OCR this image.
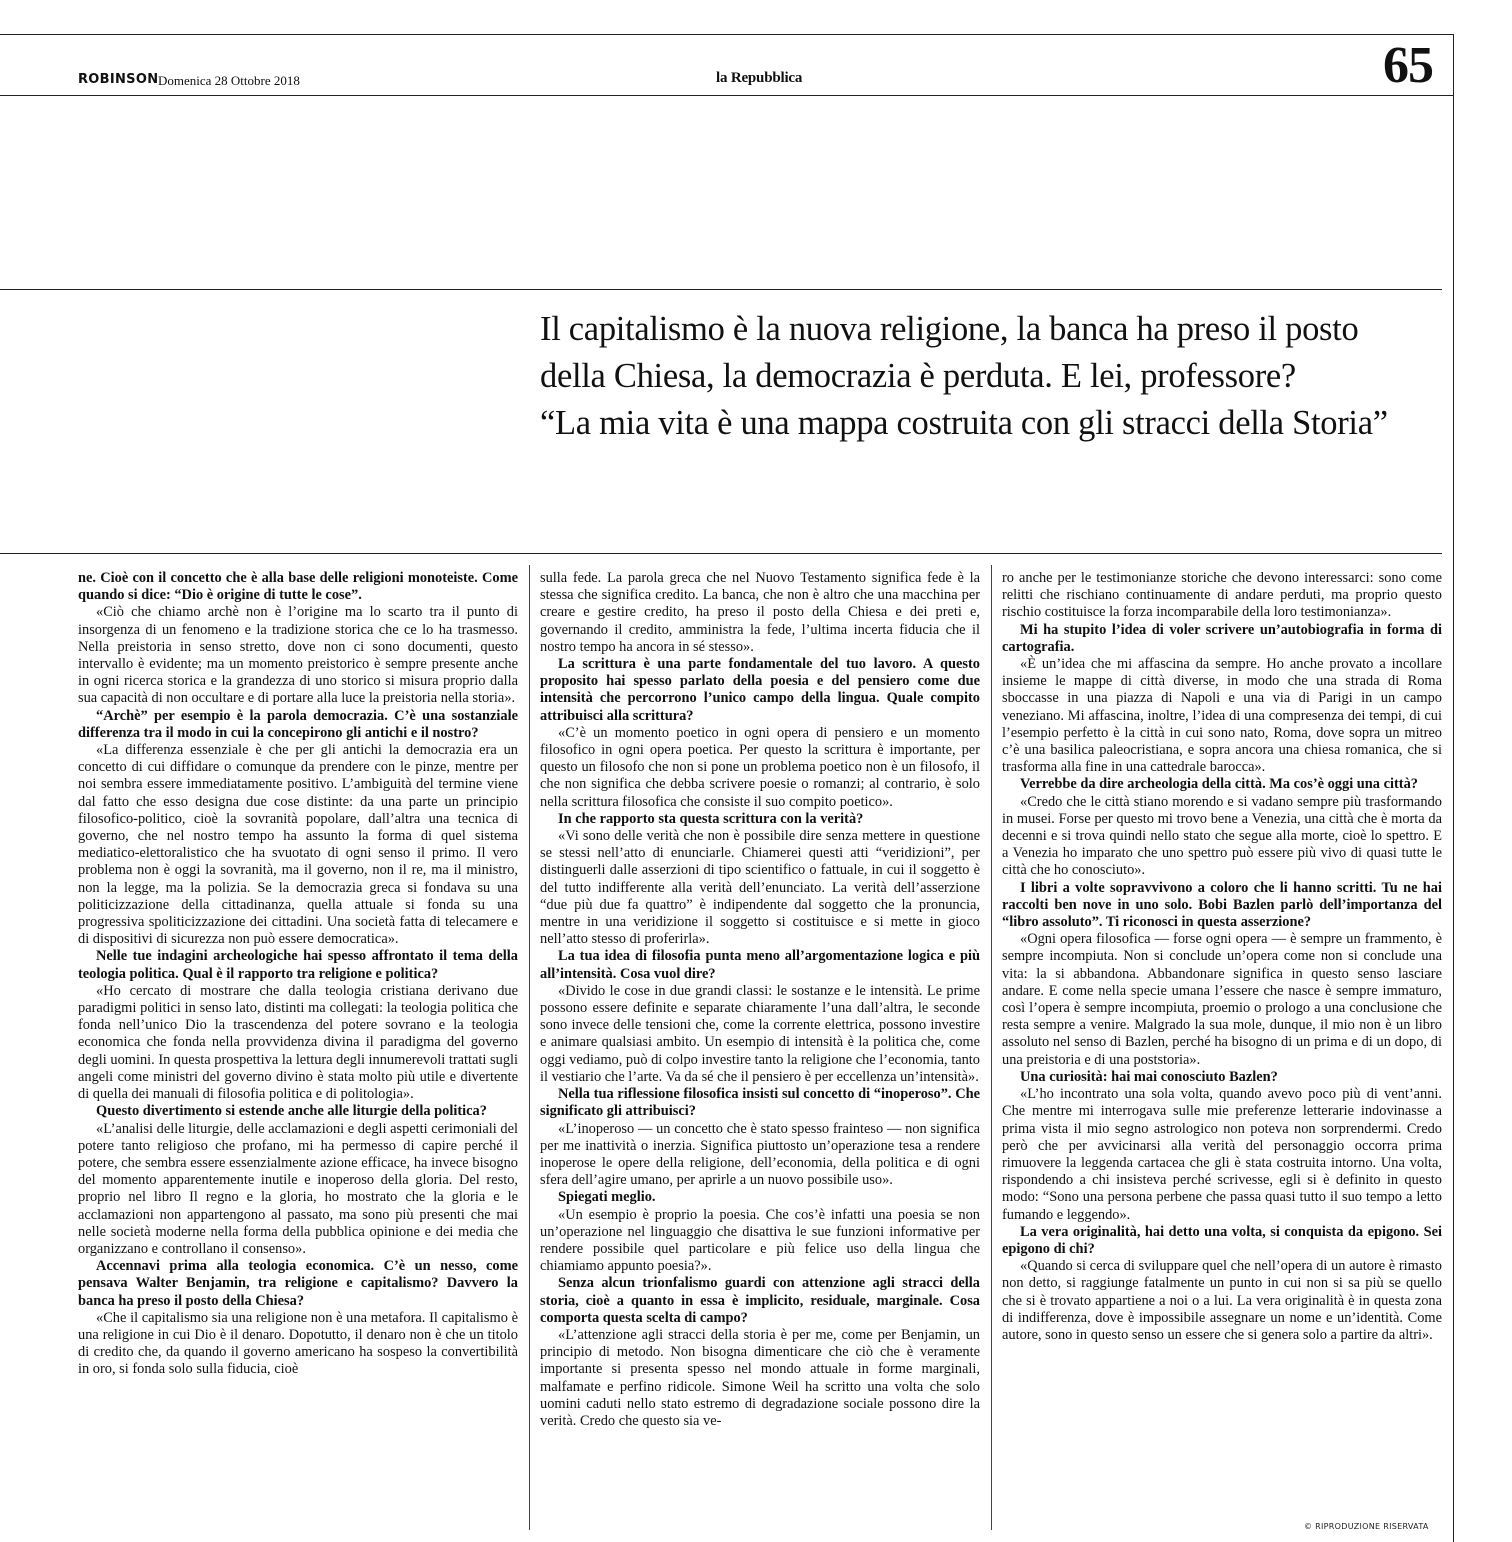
ROBINSON Domenica 28 Ottobre 2018	la Repubblica	65
Il capitalismo è la nuova religione, la banca ha preso il posto
della Chiesa, la democrazia è perduta. E lei, professore?
“La mia vita è una mappa costruita con gli stracci della Storia”

ne. Cioè con il concetto che è alla base delle religioni monoteiste. Come quando si dice: “Dio è origine di tutte le cose”.

«Ciò che chiamo archè non è l’origine ma lo scarto tra il punto di insorgenza di un fenomeno e la tradizione storica che ce lo ha trasmesso. Nella preistoria in senso stretto, dove non ci sono documenti, questo intervallo è evidente; ma un momento preistorico è sempre presente anche in ogni ricerca storica e la grandezza di uno storico si misura proprio dalla sua capacità di non occultare e di portare alla luce la preistoria nella storia».

“Archè” per esempio è la parola democrazia. C’è una sostanziale differenza tra il modo in cui la concepirono gli antichi e il nostro?

«La differenza essenziale è che per gli antichi la democrazia era un concetto di cui diffidare o comunque da prendere con le pinze, mentre per noi sembra essere immediatamente positivo. L’ambiguità del termine viene dal fatto che esso designa due cose distinte: da una parte un principio filosofico-politico, cioè la sovranità popolare, dall’altra una tecnica di governo, che nel nostro tempo ha assunto la forma di quel sistema mediatico-elettoralistico che ha svuotato di ogni senso il primo. Il vero problema non è oggi la sovranità, ma il governo, non il re, ma il ministro, non la legge, ma la polizia. Se la democrazia greca si fondava su una politicizzazione della cittadinanza, quella attuale si fonda su una progressiva spoliticizzazione dei cittadini. Una società fatta di telecamere e di dispositivi di sicurezza non può essere democratica».

Nelle tue indagini archeologiche hai spesso affrontato il tema della teologia politica. Qual è il rapporto tra religione e politica?

«Ho cercato di mostrare che dalla teologia cristiana derivano due paradigmi politici in senso lato, distinti ma collegati: la teologia politica che fonda nell’unico Dio la trascendenza del potere sovrano e la teologia economica che fonda nella provvidenza divina il paradigma del governo degli uomini. In questa prospettiva la lettura degli innumerevoli trattati sugli angeli come ministri del governo divino è stata molto più utile e divertente di quella dei manuali di filosofia politica e di politologia».

Questo divertimento si estende anche alle liturgie della politica?

«L’analisi delle liturgie, delle acclamazioni e degli aspetti cerimoniali del potere tanto religioso che profano, mi ha permesso di capire perché il potere, che sembra essere essenzialmente azione efficace, ha invece bisogno del momento apparentemente inutile e inoperoso della gloria. Del resto, proprio nel libro Il regno e la gloria, ho mostrato che la gloria e le acclamazioni non appartengono al passato, ma sono più presenti che mai nelle società moderne nella forma della pubblica opinione e dei media che organizzano e controllano il consenso».

Accennavi prima alla teologia economica. C’è un nesso, come pensava Walter Benjamin, tra religione e capitalismo? Davvero la banca ha preso il posto della Chiesa?

«Che il capitalismo sia una religione non è una metafora. Il capitalismo è una religione in cui Dio è il denaro. Dopotutto, il denaro non è che un titolo di credito che, da quando il governo americano ha sospeso la convertibilità in oro, si fonda solo sulla fiducia, cioè

sulla fede. La parola greca che nel Nuovo Testamento significa fede è la stessa che significa credito. La banca, che non è altro che una macchina per creare e gestire credito, ha preso il posto della Chiesa e dei preti e, governando il credito, amministra la fede, l’ultima incerta fiducia che il nostro tempo ha ancora in sé stesso».

La scrittura è una parte fondamentale del tuo lavoro. A questo proposito hai spesso parlato della poesia e del pensiero come due intensità che percorrono l’unico campo della lingua. Quale compito attribuisci alla scrittura?

«C’è un momento poetico in ogni opera di pensiero e un momento filosofico in ogni opera poetica. Per questo la scrittura è importante, per questo un filosofo che non si pone un problema poetico non è un filosofo, il che non significa che debba scrivere poesie o romanzi; al contrario, è solo nella scrittura filosofica che consiste il suo compito poetico».

In che rapporto sta questa scrittura con la verità?

«Vi sono delle verità che non è possibile dire senza mettere in questione se stessi nell’atto di enunciarle. Chiamerei questi atti “veridizioni”, per distinguerli dalle asserzioni di tipo scientifico o fattuale, in cui il soggetto è del tutto indifferente alla verità dell’enunciato. La verità dell’asserzione “due più due fa quattro” è indipendente dal soggetto che la pronuncia, mentre in una veridizione il soggetto si costituisce e si mette in gioco nell’atto stesso di proferirla».

La tua idea di filosofia punta meno all’argomentazione logica e più all’intensità. Cosa vuol dire?

«Divido le cose in due grandi classi: le sostanze e le intensità. Le prime possono essere definite e separate chiaramente l’una dall’altra, le seconde sono invece delle tensioni che, come la corrente elettrica, possono investire e animare qualsiasi ambito. Un esempio di intensità è la politica che, come oggi vediamo, può di colpo investire tanto la religione che l’economia, tanto il vestiario che l’arte. Va da sé che il pensiero è per eccellenza un’intensità».

Nella tua riflessione filosofica insisti sul concetto di “inoperoso”. Che significato gli attribuisci?

«L’inoperoso — un concetto che è stato spesso frainteso — non significa per me inattività o inerzia. Significa piuttosto un’operazione tesa a rendere inoperose le opere della religione, dell’economia, della politica e di ogni sfera dell’agire umano, per aprirle a un nuovo possibile uso».

Spiegati meglio.

«Un esempio è proprio la poesia. Che cos’è infatti una poesia se non un’operazione nel linguaggio che disattiva le sue funzioni informative per rendere possibile quel particolare e più felice uso della lingua che chiamiamo appunto poesia?».

Senza alcun trionfalismo guardi con attenzione agli stracci della storia, cioè a quanto in essa è implicito, residuale, marginale. Cosa comporta questa scelta di campo?

«L’attenzione agli stracci della storia è per me, come per Benjamin, un principio di metodo. Non bisogna dimenticare che ciò che è veramente importante si presenta spesso nel mondo attuale in forme marginali, malfamate e perfino ridicole. Simone Weil ha scritto una volta che solo uomini caduti nello stato estremo di degradazione sociale possono dire la verità. Credo che questo sia ve-

ro anche per le testimonianze storiche che devono interessarci: sono come relitti che rischiano continuamente di andare perduti, ma proprio questo rischio costituisce la forza incomparabile della loro testimonianza».

Mi ha stupito l’idea di voler scrivere un’autobiografia in forma di cartografia.

«È un’idea che mi affascina da sempre. Ho anche provato a incollare insieme le mappe di città diverse, in modo che una strada di Roma sboccasse in una piazza di Napoli e una via di Parigi in un campo veneziano. Mi affascina, inoltre, l’idea di una compresenza dei tempi, di cui l’esempio perfetto è la città in cui sono nato, Roma, dove sopra un mitreo c’è una basilica paleocristiana, e sopra ancora una chiesa romanica, che si trasforma alla fine in una cattedrale barocca».

Verrebbe da dire archeologia della città. Ma cos’è oggi una città?

«Credo che le città stiano morendo e si vadano sempre più trasformando in musei. Forse per questo mi trovo bene a Venezia, una città che è morta da decenni e si trova quindi nello stato che segue alla morte, cioè lo spettro. E a Venezia ho imparato che uno spettro può essere più vivo di quasi tutte le città che ho conosciuto».

I libri a volte sopravvivono a coloro che li hanno scritti. Tu ne hai raccolti ben nove in uno solo. Bobi Bazlen parlò dell’importanza del “libro assoluto”. Ti riconosci in questa asserzione?

«Ogni opera filosofica — forse ogni opera — è sempre un frammento, è sempre incompiuta. Non si conclude un’opera come non si conclude una vita: la si abbandona. Abbandonare significa in questo senso lasciare andare. E come nella specie umana l’essere che nasce è sempre immaturo, così l’opera è sempre incompiuta, proemio o prologo a una conclusione che resta sempre a venire. Malgrado la sua mole, dunque, il mio non è un libro assoluto nel senso di Bazlen, perché ha bisogno di un prima e di un dopo, di una preistoria e di una poststoria».

Una curiosità: hai mai conosciuto Bazlen?

«L’ho incontrato una sola volta, quando avevo poco più di vent’anni. Che mentre mi interrogava sulle mie preferenze letterarie indovinasse a prima vista il mio segno astrologico non poteva non sorprendermi. Credo però che per avvicinarsi alla verità del personaggio occorra prima rimuovere la leggenda cartacea che gli è stata costruita intorno. Una volta, rispondendo a chi insisteva perché scrivesse, egli si è definito in questo modo: “Sono una persona perbene che passa quasi tutto il suo tempo a letto fumando e leggendo».

La vera originalità, hai detto una volta, si conquista da epigono. Sei epigono di chi?

«Quando si cerca di sviluppare quel che nell’opera di un autore è rimasto non detto, si raggiunge fatalmente un punto in cui non si sa più se quello che si è trovato appartiene a noi o a lui. La vera originalità è in questa zona di indifferenza, dove è impossibile assegnare un nome e un’identità. Come autore, sono in questo senso un essere che si genera solo a partire da altri».

© RIPRODUZIONE RISERVATA
